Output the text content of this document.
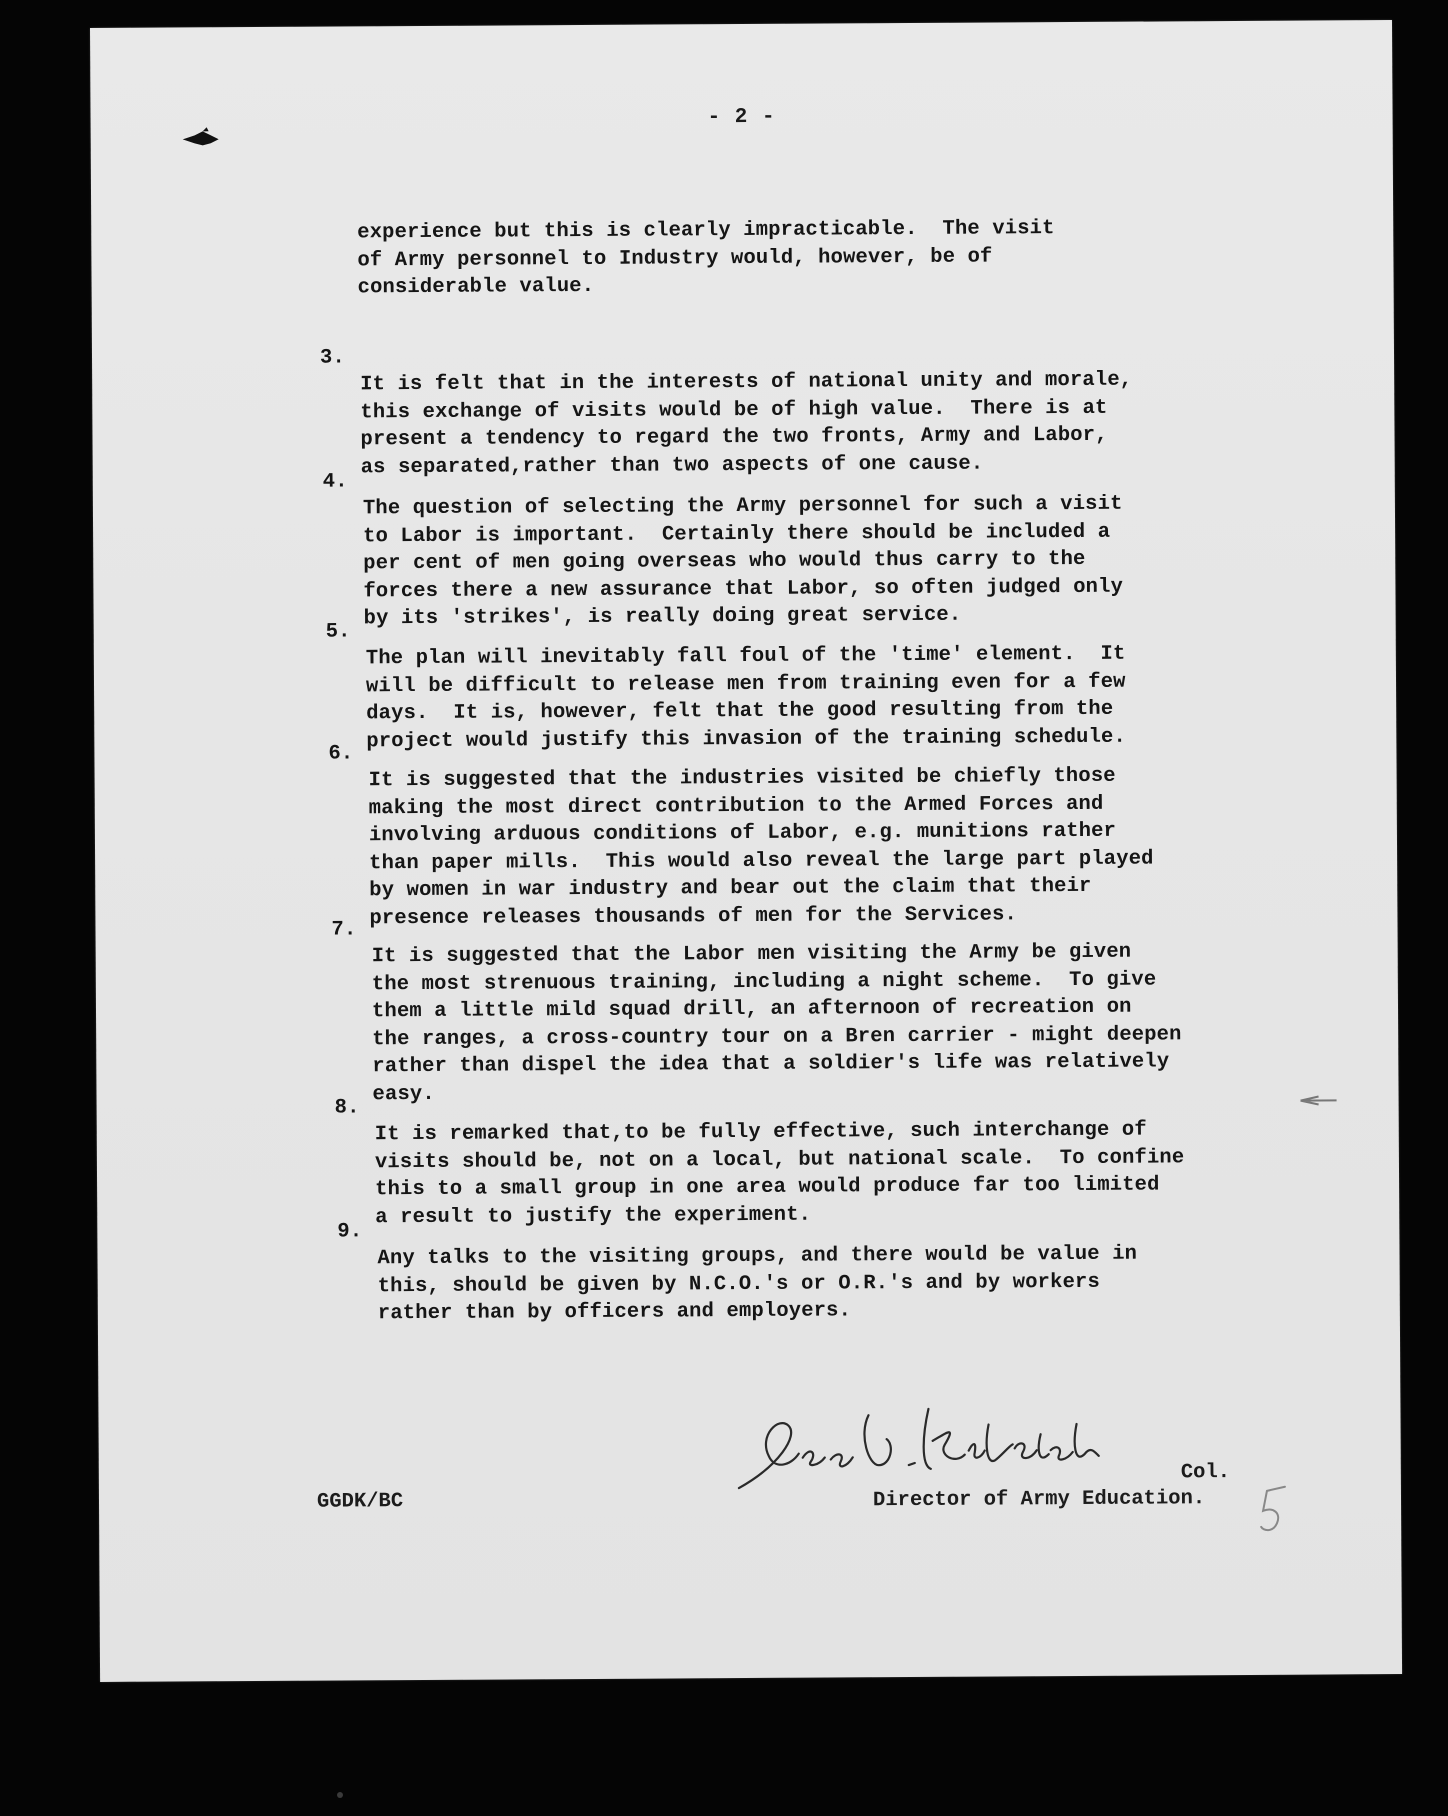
- 2 -

experience but this is clearly impracticable.  The visit
of Army personnel to Industry would, however, be of
considerable value.

3.

It is felt that in the interests of national unity and morale,
this exchange of visits would be of high value.  There is at
present a tendency to regard the two fronts, Army and Labor,
as separated,rather than two aspects of one cause.

4.

The question of selecting the Army personnel for such a visit
to Labor is important.  Certainly there should be included a
per cent of men going overseas who would thus carry to the
forces there a new assurance that Labor, so often judged only
by its 'strikes', is really doing great service.

5.

The plan will inevitably fall foul of the 'time' element.  It
will be difficult to release men from training even for a few
days.  It is, however, felt that the good resulting from the
project would justify this invasion of the training schedule.

6.

It is suggested that the industries visited be chiefly those
making the most direct contribution to the Armed Forces and
involving arduous conditions of Labor, e.g. munitions rather
than paper mills.  This would also reveal the large part played
by women in war industry and bear out the claim that their
presence releases thousands of men for the Services.

7.

It is suggested that the Labor men visiting the Army be given
the most strenuous training, including a night scheme.  To give
them a little mild squad drill, an afternoon of recreation on
the ranges, a cross-country tour on a Bren carrier - might deepen
rather than dispel the idea that a soldier's life was relatively
easy.

8.

It is remarked that,to be fully effective, such interchange of
visits should be, not on a local, but national scale.  To confine
this to a small group in one area would produce far too limited
a result to justify the experiment.

9.

Any talks to the visiting groups, and there would be value in
this, should be given by N.C.O.'s or O.R.'s and by workers
rather than by officers and employers.

Col.
GGDK/BC	Director of Army Education.
